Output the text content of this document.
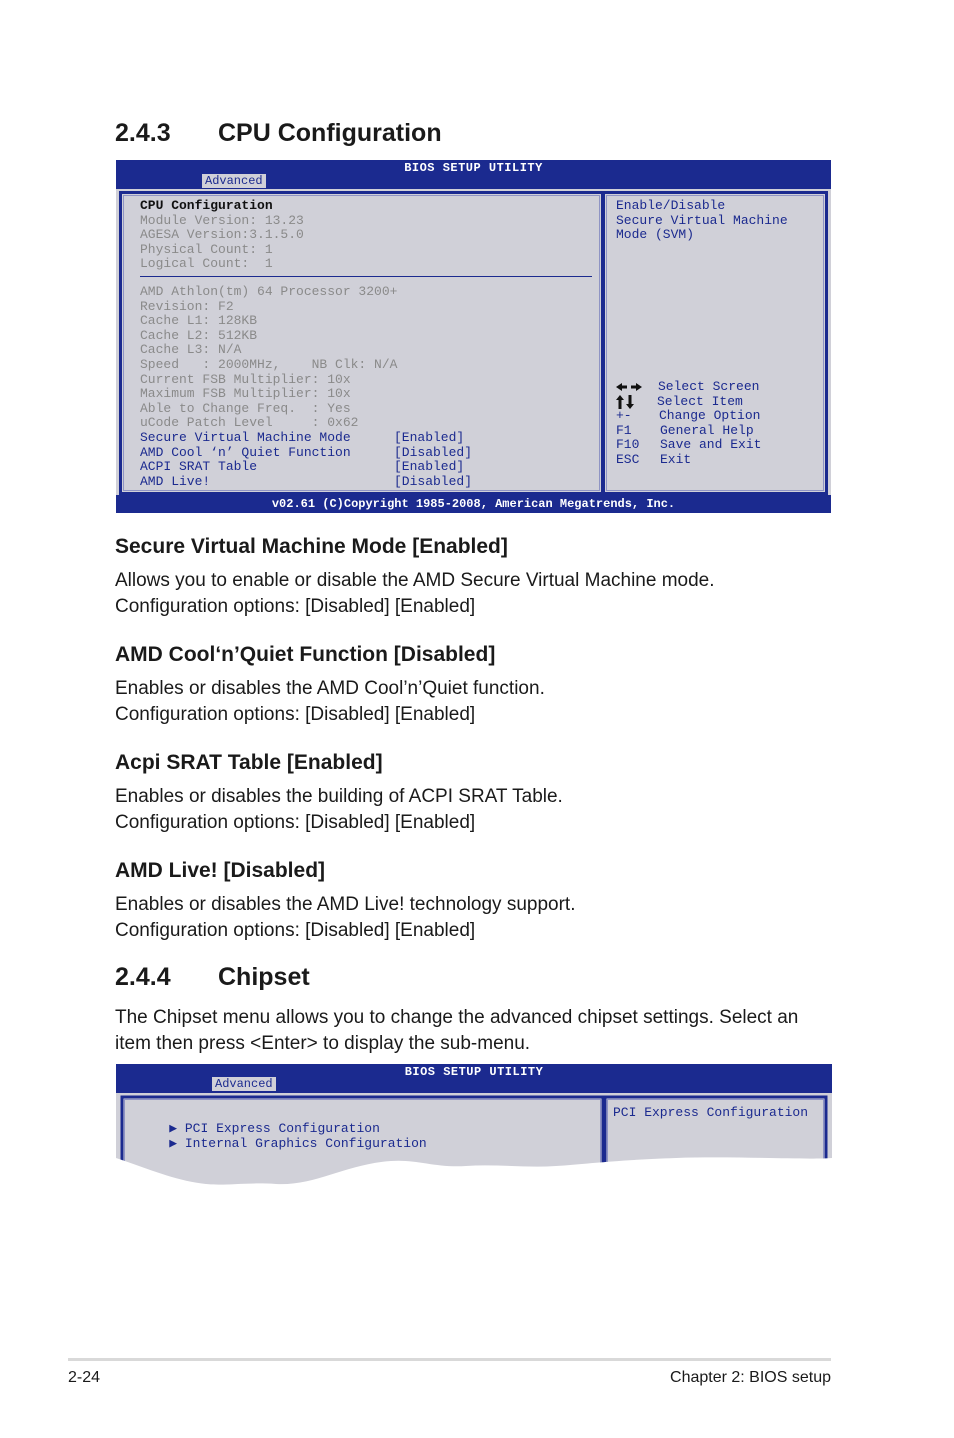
2.4.3 CPU Configuration
BIOS SETUP UTILITY
Advanced
CPU Configuration
Module Version: 13.23
AGESA Version:3.1.5.0
Physical Count: 1
Logical Count:  1
AMD Athlon(tm) 64 Processor 3200+
Revision: F2
Cache L1: 128KB
Cache L2: 512KB
Cache L3: N/A
Speed   : 2000MHz,    NB Clk: N/A
Current FSB Multiplier: 10x
Maximum FSB Multiplier: 10x
Able to Change Freq.  : Yes
uCode Patch Level     : 0x62
Secure Virtual Machine Mode	[Enabled]
AMD Cool ‘n’ Quiet Function	[Disabled]
ACPI SRAT Table	[Enabled]
AMD Live!	[Disabled]
Enable/Disable
Secure Virtual Machine
Mode (SVM)
Select Screen
Select Item
+- Change Option
F1 General Help
F10 Save and Exit
ESC Exit
v02.61 (C)Copyright 1985-2008, American Megatrends, Inc.
Secure Virtual Machine Mode [Enabled]

Allows you to enable or disable the AMD Secure Virtual Machine mode.
Configuration options: [Disabled] [Enabled]

AMD Cool‘n’Quiet Function [Disabled]

Enables or disables the AMD Cool’n’Quiet function.
Configuration options: [Disabled] [Enabled]

Acpi SRAT Table [Enabled]

Enables or disables the building of ACPI SRAT Table.
Configuration options: [Disabled] [Enabled]

AMD Live! [Disabled]

Enables or disables the AMD Live! technology support.
Configuration options: [Disabled] [Enabled]

2.4.4 Chipset

The Chipset menu allows you to change the advanced chipset settings. Select an
item then press <Enter> to display the sub-menu.

BIOS SETUP UTILITY
Advanced

▶ PCI Express Configuration

▶ Internal Graphics Configuration

PCI Express Configuration
2-24	Chapter 2: BIOS setup
